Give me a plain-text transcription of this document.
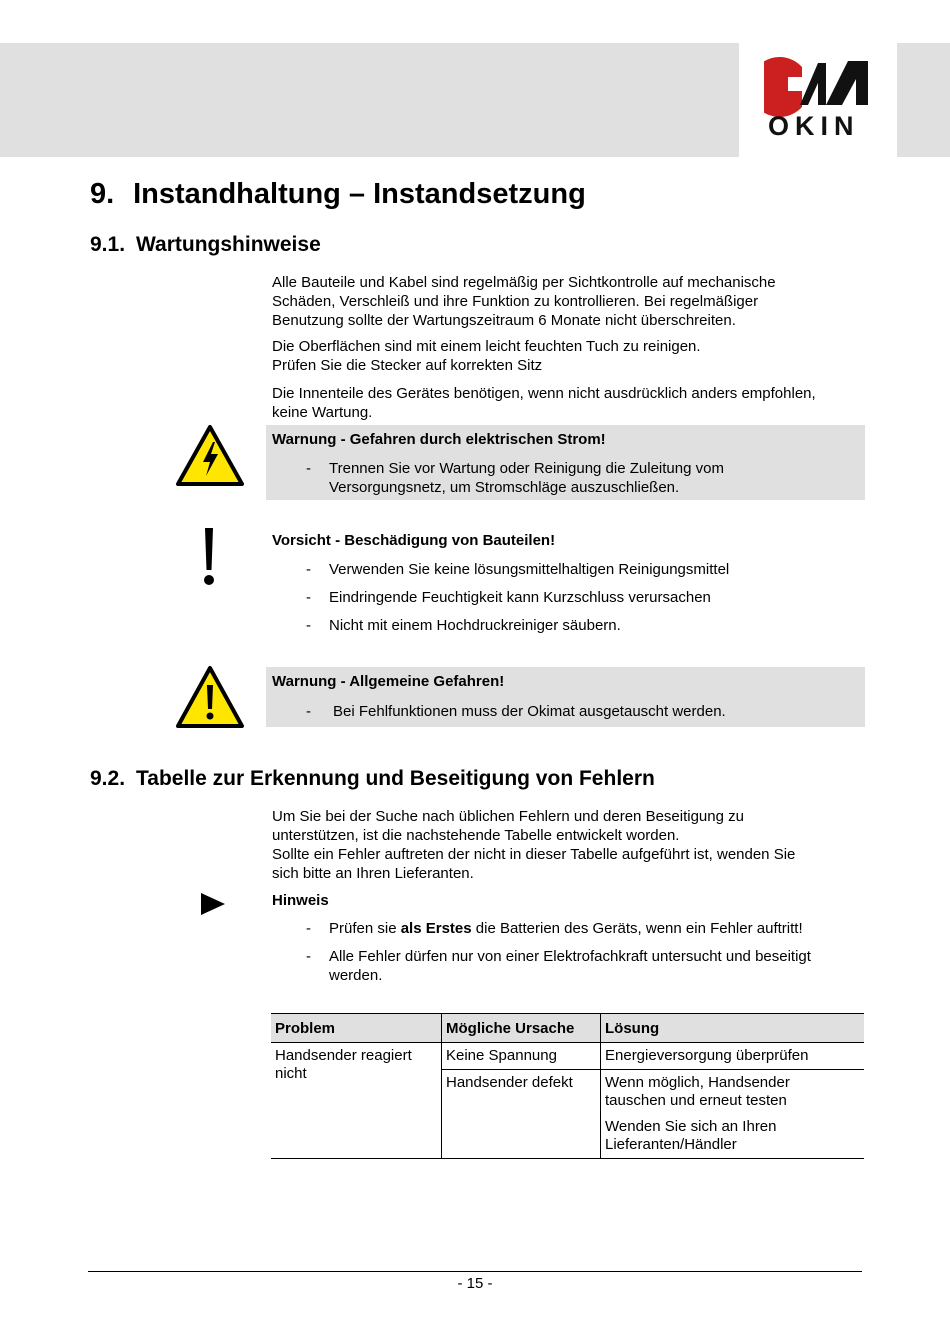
OKIN
9. Instandhaltung – Instandsetzung
9.1. Wartungshinweise
Alle Bauteile und Kabel sind regelmäßig per Sichtkontrolle auf mechanische
Schäden, Verschleiß und ihre Funktion zu kontrollieren. Bei regelmäßiger
Benutzung sollte der Wartungszeitraum 6 Monate nicht überschreiten.
Die Oberflächen sind mit einem leicht feuchten Tuch zu reinigen.
Prüfen Sie die Stecker auf korrekten Sitz
Die Innenteile des Gerätes benötigen, wenn nicht ausdrücklich anders empfohlen,
keine Wartung.
Warnung - Gefahren durch elektrischen Strom!
- Trennen Sie vor Wartung oder Reinigung die Zuleitung vom
Versorgungsnetz, um Stromschläge auszuschließen.
Vorsicht - Beschädigung von Bauteilen!
- Verwenden Sie keine lösungsmittelhaltigen Reinigungsmittel
- Eindringende Feuchtigkeit kann Kurzschluss verursachen
- Nicht mit einem Hochdruckreiniger säubern.
Warnung - Allgemeine Gefahren!
- Bei Fehlfunktionen muss der Okimat ausgetauscht werden.
9.2. Tabelle zur Erkennung und Beseitigung von Fehlern
Um Sie bei der Suche nach üblichen Fehlern und deren Beseitigung zu
unterstützen, ist die nachstehende Tabelle entwickelt worden.
Sollte ein Fehler auftreten der nicht in dieser Tabelle aufgeführt ist, wenden Sie
sich bitte an Ihren Lieferanten.
Hinweis
- Prüfen sie als Erstes die Batterien des Geräts, wenn ein Fehler auftritt!
- Alle Fehler dürfen nur von einer Elektrofachkraft untersucht und beseitigt
werden.
Problem	Mögliche Ursache	Lösung

Handsender reagiert
nicht	Keine Spannung	Energieversorgung überprüfen
	Handsender defekt	Wenn möglich, Handsender
tauschen und erneut testen

		Wenden Sie sich an Ihren
Lieferanten/Händler
- 15 -
